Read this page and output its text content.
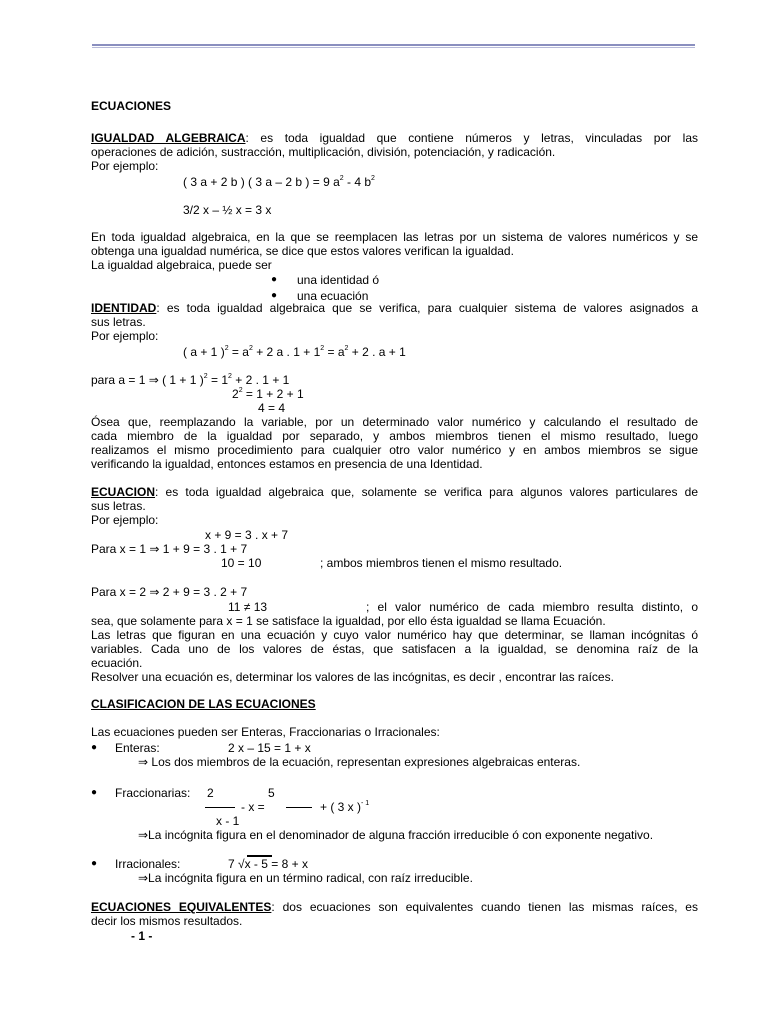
ECUACIONES
IGUALDAD ALGEBRAICA: es toda igualdad que contiene números y letras, vinculadas por las
operaciones de adición, sustracción, multiplicación, división, potenciación, y radicación.
Por ejemplo:
( 3 a + 2 b ) ( 3 a – 2 b ) = 9 $a^2 - 4$ $b^2$
3/2 x – ½ x = 3 x
En toda igualdad algebraica, en la que se reemplacen las letras por un sistema de valores numéricos y se
obtenga una igualdad numérica, se dice que estos valores verifican la igualdad.
La igualdad algebraica, puede ser
● una identidad ó
● una ecuación
IDENTIDAD: es toda igualdad algebraica que se verifica, para cualquier sistema de valores asignados a
sus letras.
Por ejemplo:
( a + 1 )$^2 = a^2 + 2$ a . $1 + 1^2 = a^2 + 2$ . a + 1
para a = 1 ⇒ ( 1 + 1 )$^2 = 1^2 + 2$ . 1 + 1
$2^2 = 1 + 2 + 1$
4 = 4
Ósea que, reemplazando la variable, por un determinado valor numérico y calculando el resultado de
cada miembro de la igualdad por separado, y ambos miembros tienen el mismo resultado, luego
realizamos el mismo procedimiento para cualquier otro valor numérico y en ambos miembros se sigue
verificando la igualdad, entonces estamos en presencia de una Identidad.
ECUACION: es toda igualdad algebraica que, solamente se verifica para algunos valores particulares de
sus letras.
Por ejemplo:
x + 9 = 3 . x + 7
Para x = 1 ⇒ 1 + 9 = 3 . 1 + 7
10 = 10	; ambos miembros tienen el mismo resultado.
Para x = 2 ⇒ 2 + 9 = 3 . 2 + 7
11 ≠ 13	; el valor numérico de cada miembro resulta distinto, o
sea, que solamente para x = 1 se satisface la igualdad, por ello ésta igualdad se llama Ecuación.
Las letras que figuran en una ecuación y cuyo valor numérico hay que determinar, se llaman incógnitas ó
variables. Cada uno de los valores de éstas, que satisfacen a la igualdad, se denomina raíz de la
ecuación.
Resolver una ecuación es, determinar los valores de las incógnitas, es decir , encontrar las raíces.
CLASIFICACION DE LAS ECUACIONES
Las ecuaciones pueden ser Enteras, Fraccionarias o Irracionales:
● Enteras:	2 x – 15 = 1 + x
⇒ Los dos miembros de la ecuación, representan expresiones algebraicas enteras.
● Fraccionarias: 2	5
- x =	+ ( 3 x )$^{- 1}$
x - 1
⇒La incógnita figura en el denominador de alguna fracción irreducible ó con exponente negativo.
● Irracionales:	7 √x - 5 = 8 + x
⇒La incógnita figura en un término radical, con raíz irreducible.
ECUACIONES EQUIVALENTES: dos ecuaciones son equivalentes cuando tienen las mismas raíces, es
decir los mismos resultados.
- 1 -
